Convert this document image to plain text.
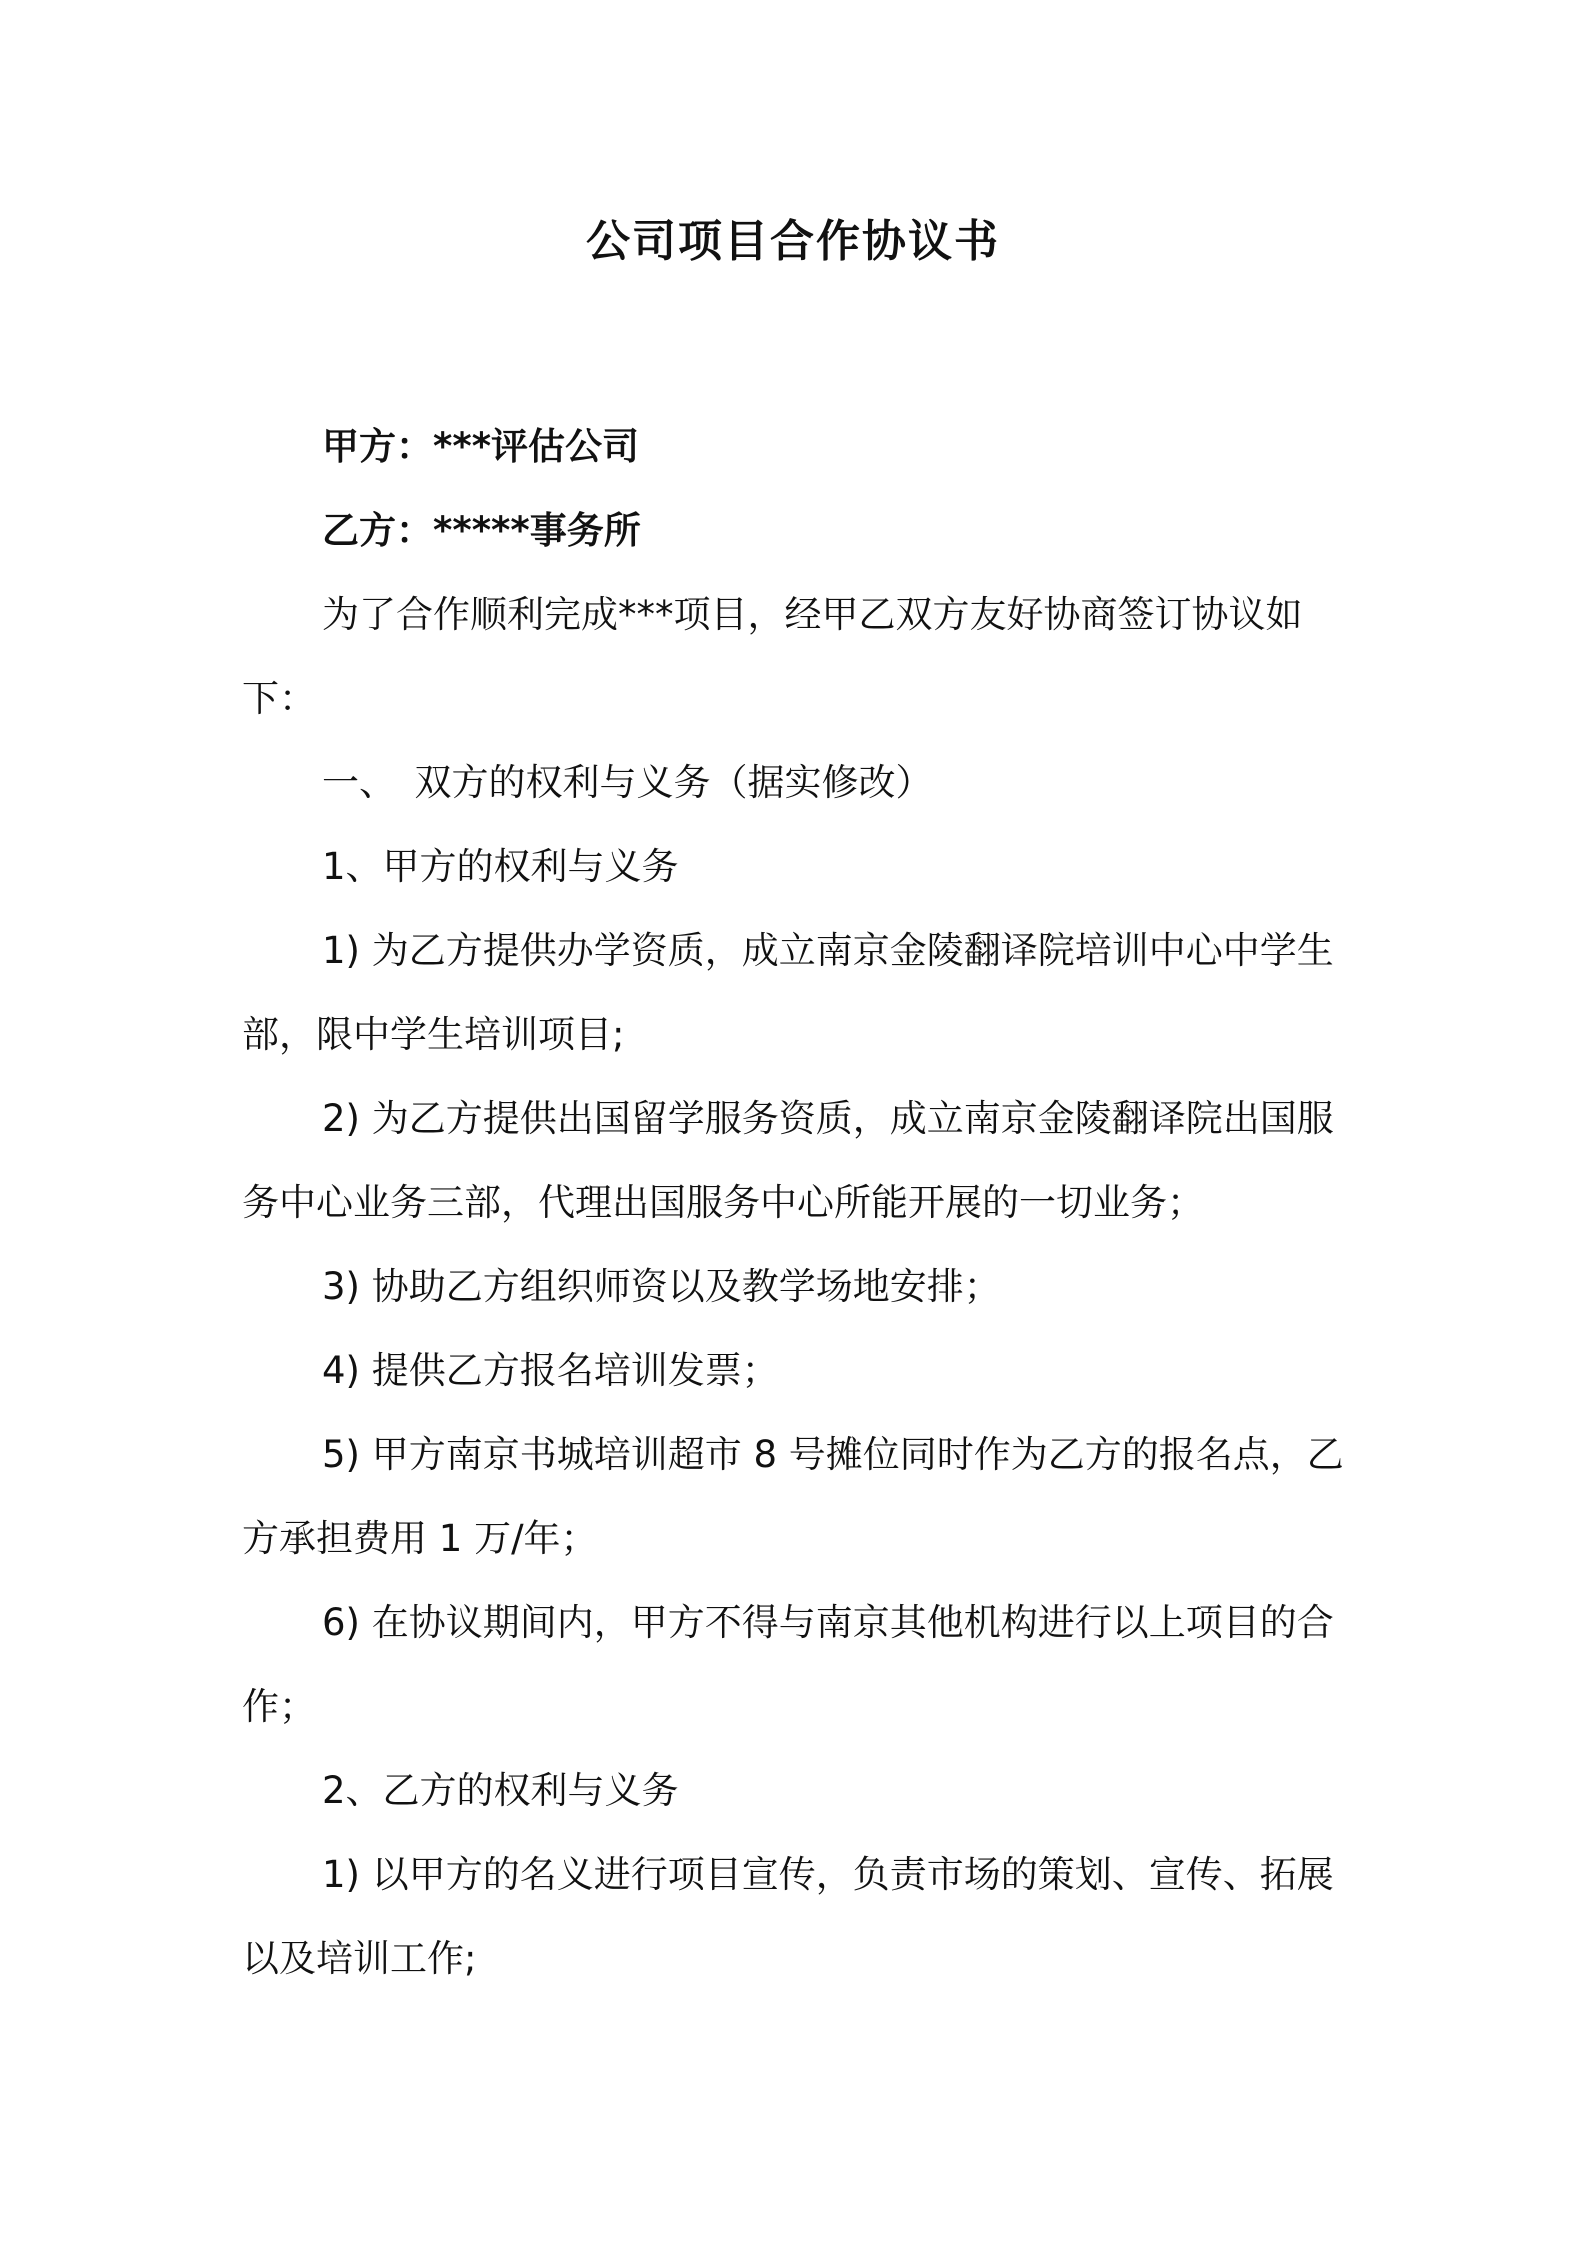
公司项目合作协议书

甲方：***评估公司

乙方：*****事务所

为了合作顺利完成***项目，经甲乙双方友好协商签订协议如下：

一、　双方的权利与义务（据实修改）

1、甲方的权利与义务

1) 为乙方提供办学资质，成立南京金陵翻译院培训中心中学生部，限中学生培训项目;

2) 为乙方提供出国留学服务资质，成立南京金陵翻译院出国服务中心业务三部，代理出国服务中心所能开展的一切业务；

3) 协助乙方组织师资以及教学场地安排；

4) 提供乙方报名培训发票；

5) 甲方南京书城培训超市 8 号摊位同时作为乙方的报名点，乙方承担费用 1 万/年；

6) 在协议期间内，甲方不得与南京其他机构进行以上项目的合作；

2、乙方的权利与义务

1) 以甲方的名义进行项目宣传，负责市场的策划、宣传、拓展以及培训工作;
